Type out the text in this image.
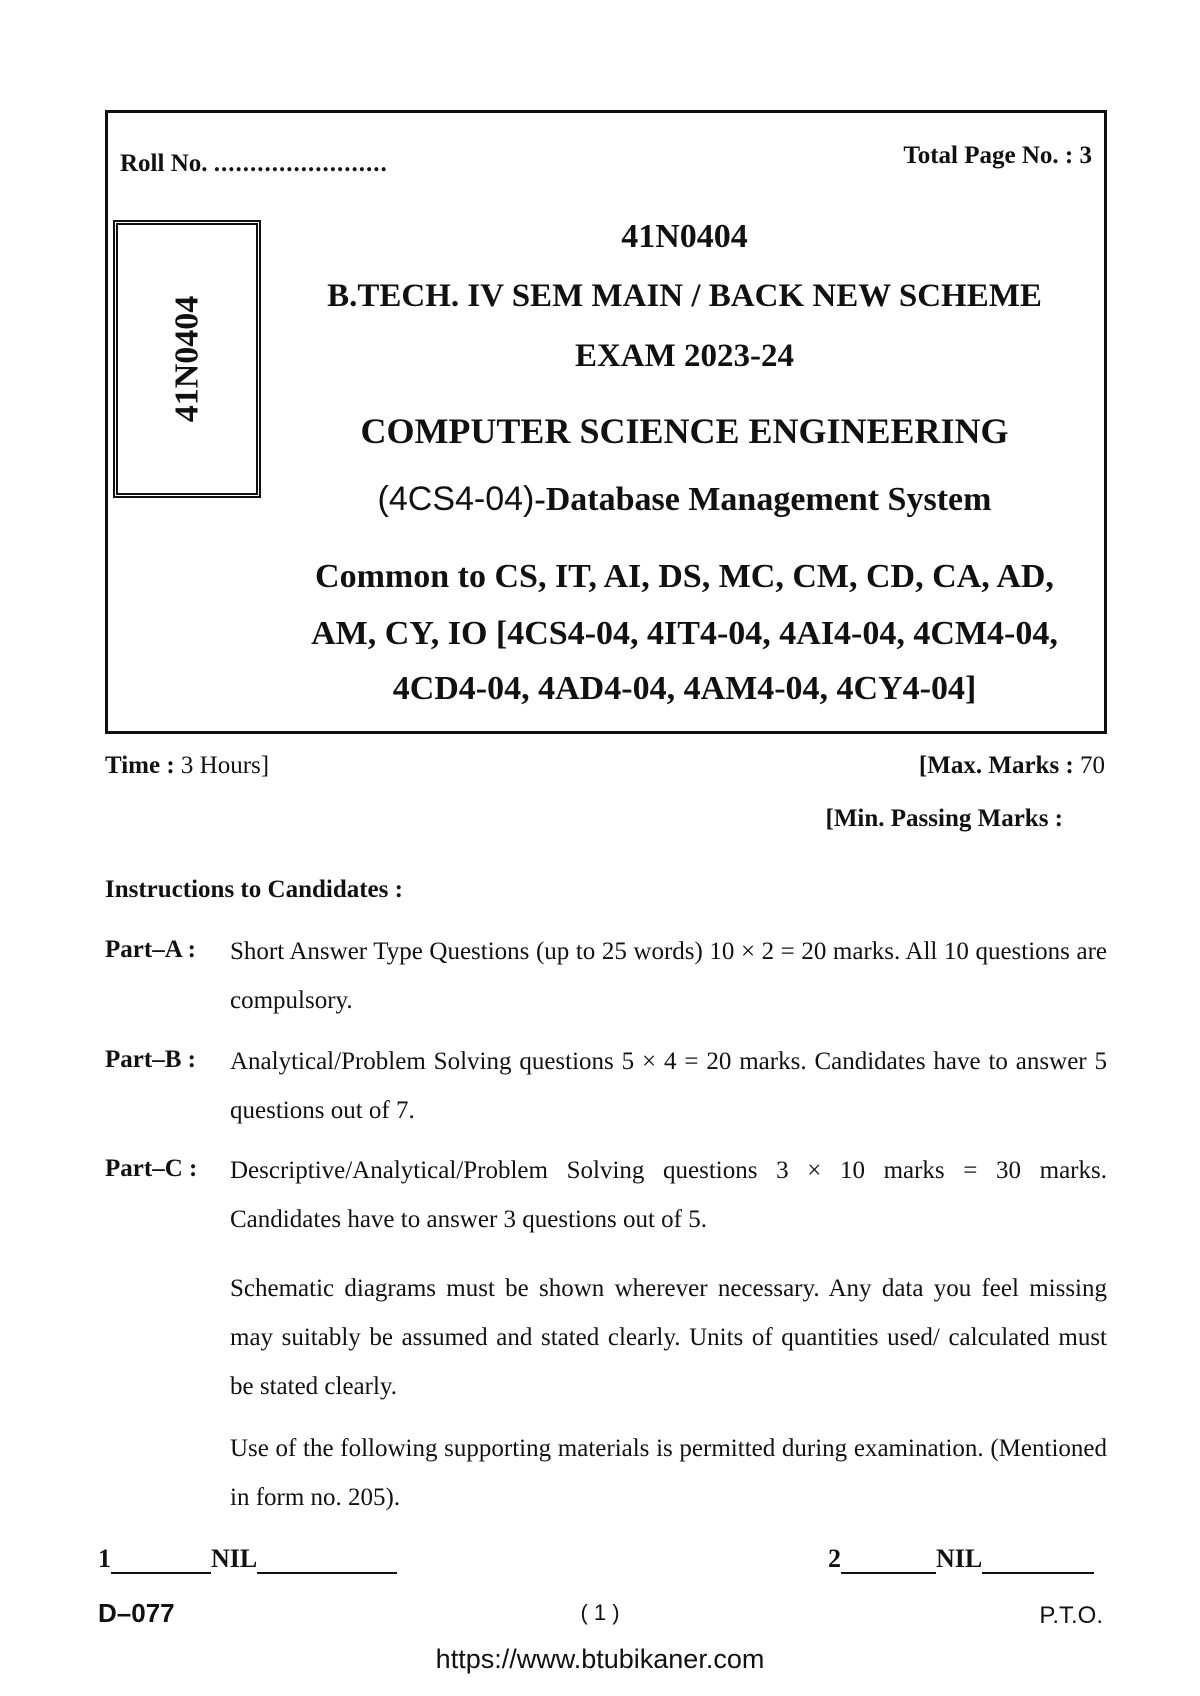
Roll No. ........................	Total Page No. : 3
41N0404
41N0404
B.TECH. IV SEM MAIN / BACK NEW SCHEME
EXAM 2023-24
COMPUTER SCIENCE ENGINEERING
(4CS4-04)-Database Management System
Common to CS, IT, AI, DS, MC, CM, CD, CA, AD,
AM, CY, IO [4CS4-04, 4IT4-04, 4AI4-04, 4CM4-04,
4CD4-04, 4AD4-04, 4AM4-04, 4CY4-04]
Time : 3 Hours]	[Max. Marks : 70
[Min. Passing Marks :
Instructions to Candidates :
Part–A : Short Answer Type Questions (up to 25 words) 10 × 2 = 20 marks. All 10 questions are compulsory.
Part–B : Analytical/Problem Solving questions 5 × 4 = 20 marks. Candidates have to answer 5 questions out of 7.
Part–C : Descriptive/Analytical/Problem Solving questions 3 × 10 marks = 30 marks. Candidates have to answer 3 questions out of 5.
Schematic diagrams must be shown wherever necessary. Any data you feel missing may suitably be assumed and stated clearly. Units of quantities used/ calculated must be stated clearly.
Use of the following supporting materials is permitted during examination. (Mentioned in form no. 205).
1	NIL	2	NIL
D–077	( 1 )	P.T.O.
https://www.btubikaner.com
